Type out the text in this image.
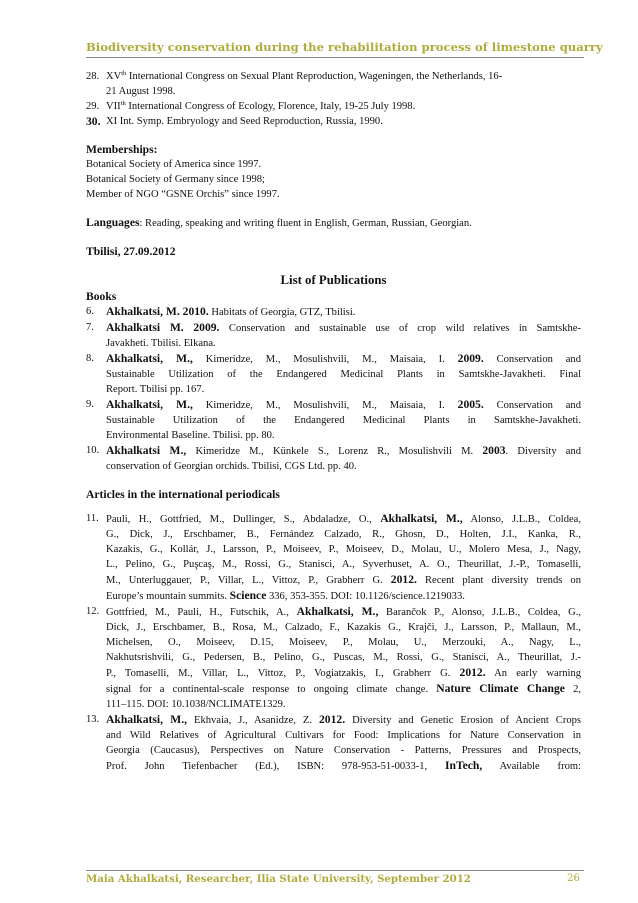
Biodiversity conservation during the rehabilitation process of limestone quarry
28. XVth International Congress on Sexual Plant Reproduction, Wageningen, the Netherlands, 16-
21 August 1998.
29. VIIth International Congress of Ecology, Florence, Italy, 19-25 July 1998.
30. XI Int. Symp. Embryology and Seed Reproduction, Russia, 1990.
Memberships:
Botanical Society of America since 1997.
Botanical Society of Germany since 1998;
Member of NGO “GSNE Orchis” since 1997.
Languages: Reading, speaking and writing fluent in English, German, Russian, Georgian.
Tbilisi, 27.09.2012
List of Publications
Books
6.	Akhalkatsi, M. 2010. Habitats of Georgia, GTZ, Tbilisi.
7.	Akhalkatsi M. 2009. Conservation and sustainable use of crop wild relatives in Samtskhe-
Javakheti. Tbilisi. Elkana.
8.	Akhalkatsi, M., Kimeridze, M., Mosulishvili, M., Maisaia, I. 2009. Conservation and
Sustainable Utilization of the Endangered Medicinal Plants in Samtskhe-Javakheti. Final
Report. Tbilisi pp. 167.
9.	Akhalkatsi, M., Kimeridze, M., Mosulishvili, M., Maisaia, I. 2005. Conservation and
Sustainable Utilization of the Endangered Medicinal Plants in Samtskhe-Javakheti.
Environmental Baseline. Tbilisi. pp. 80.
10. Akhalkatsi M., Kimeridze M., Künkele S., Lorenz R., Mosulishvili M. 2003. Diversity and
conservation of Georgian orchids. Tbilisi, CGS Ltd. pp. 40.
Articles in the international periodicals
11. Pauli, H., Gottfried, M., Dullinger, S., Abdaladze, O., Akhalkatsi, M., Alonso, J.L.B., Coldea,
G., Dick, J., Erschbamer, B., Fernández Calzado, R., Ghosn, D., Holten, J.I., Kanka, R.,
Kazakis, G., Kollár, J., Larsson, P., Moiseev, P., Moiseev, D., Molau, U., Molero Mesa, J., Nagy,
L., Pelino, G., Puşcaş, M., Rossi, G., Stanisci, A., Syverhuset, A. O., Theurillat, J.-P., Tomaselli,
M., Unterluggauer, P., Villar, L., Vittoz, P., Grabherr G. 2012. Recent plant diversity trends on
Europe’s mountain summits. Science 336, 353-355. DOI: 10.1126/science.1219033.
12. Gottfried, M., Pauli, H., Futschik, A., Akhalkatsi, M., Barančok P., Alonso, J.L.B., Coldea, G.,
Dick, J., Erschbamer, B., Rosa, M., Calzado, F., Kazakis G., Krajči, J., Larsson, P., Mallaun, M.,
Michelsen, O., Moiseev, D.15, Moiseev, P., Molau, U., Merzouki, A., Nagy, L.,
Nakhutsrishvili, G., Pedersen, B., Pelino, G., Puscas, M., Rossi, G., Stanisci, A., Theurillat, J.-
P., Tomaselli, M., Villar, L., Vittoz, P., Vogiatzakis, I., Grabherr G. 2012. An early warning
signal for a continental-scale response to ongoing climate change. Nature Climate Change 2,
111–115. DOI: 10.1038/NCLIMATE1329.
13. Akhalkatsi, M., Ekhvaia, J., Asanidze, Z. 2012. Diversity and Genetic Erosion of Ancient Crops
and Wild Relatives of Agricultural Cultivars for Food: Implications for Nature Conservation in
Georgia (Caucasus), Perspectives on Nature Conservation - Patterns, Pressures and Prospects,
Prof. John Tiefenbacher (Ed.), ISBN: 978-953-51-0033-1, InTech, Available from:
Maia Akhalkatsi, Researcher, Ilia State University, September 2012	26
